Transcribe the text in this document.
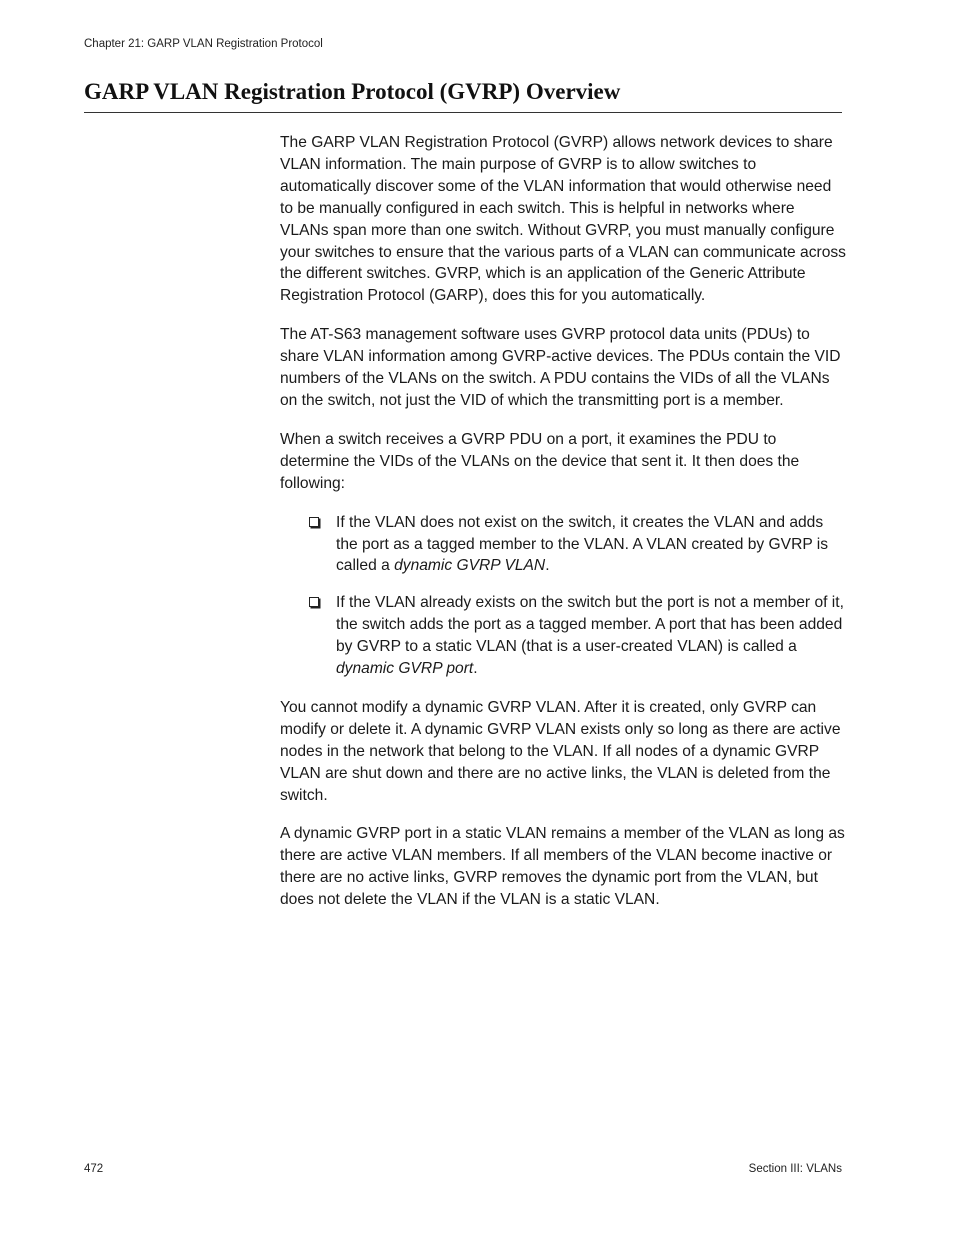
Chapter 21: GARP VLAN Registration Protocol
GARP VLAN Registration Protocol (GVRP) Overview

The GARP VLAN Registration Protocol (GVRP) allows network devices to share VLAN information. The main purpose of GVRP is to allow switches to automatically discover some of the VLAN information that would otherwise need to be manually configured in each switch. This is helpful in networks where VLANs span more than one switch. Without GVRP, you must manually configure your switches to ensure that the various parts of a VLAN can communicate across the different switches. GVRP, which is an application of the Generic Attribute Registration Protocol (GARP), does this for you automatically.

The AT-S63 management software uses GVRP protocol data units (PDUs) to share VLAN information among GVRP-active devices. The PDUs contain the VID numbers of the VLANs on the switch. A PDU contains the VIDs of all the VLANs on the switch, not just the VID of which the transmitting port is a member.

When a switch receives a GVRP PDU on a port, it examines the PDU to determine the VIDs of the VLANs on the device that sent it. It then does the following:

If the VLAN does not exist on the switch, it creates the VLAN and adds the port as a tagged member to the VLAN. A VLAN created by GVRP is called a dynamic GVRP VLAN.
If the VLAN already exists on the switch but the port is not a member of it, the switch adds the port as a tagged member. A port that has been added by GVRP to a static VLAN (that is a user-created VLAN) is called a dynamic GVRP port.

You cannot modify a dynamic GVRP VLAN. After it is created, only GVRP can modify or delete it. A dynamic GVRP VLAN exists only so long as there are active nodes in the network that belong to the VLAN. If all nodes of a dynamic GVRP VLAN are shut down and there are no active links, the VLAN is deleted from the switch.

A dynamic GVRP port in a static VLAN remains a member of the VLAN as long as there are active VLAN members. If all members of the VLAN become inactive or there are no active links, GVRP removes the dynamic port from the VLAN, but does not delete the VLAN if the VLAN is a static VLAN.

472	Section III: VLANs
